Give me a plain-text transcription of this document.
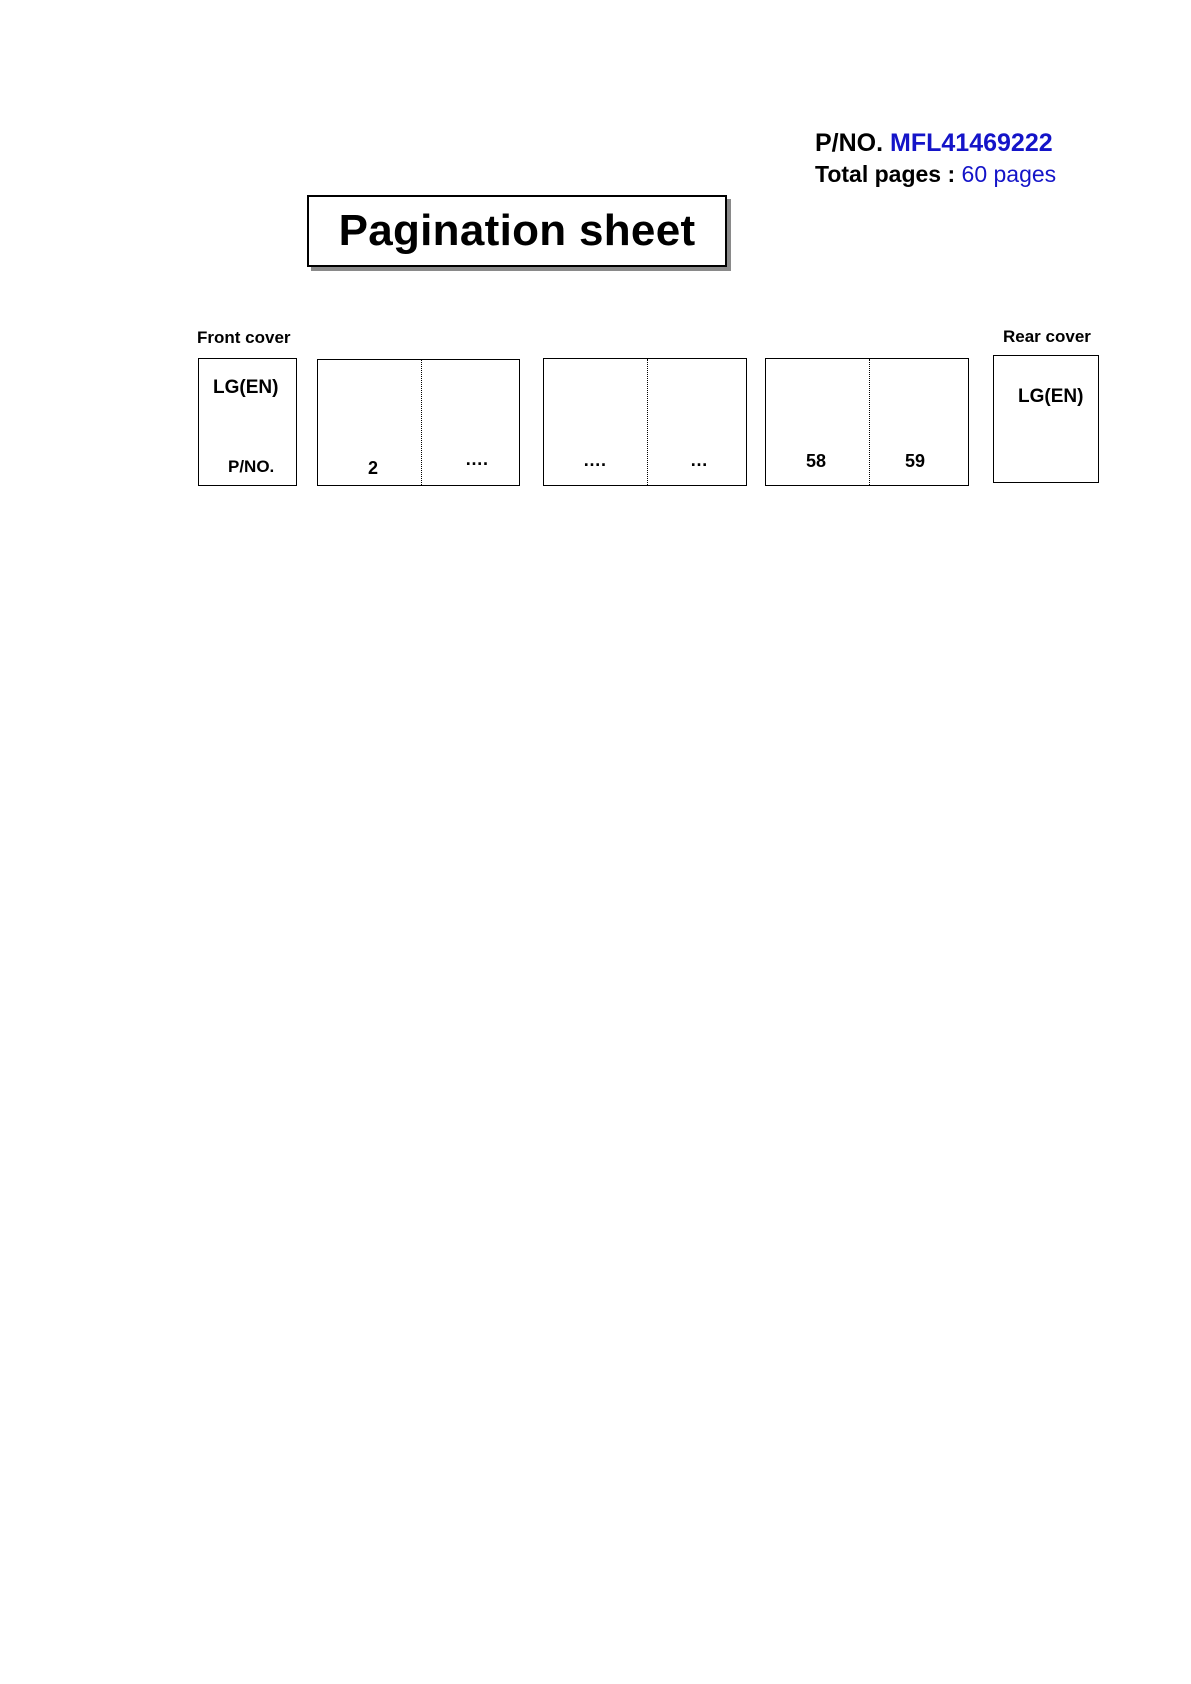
P/NO. MFL41469222
Total pages : 60 pages
Pagination sheet
Front cover	Rear cover
LG(EN)
P/NO.	2	….	….	…	58	59
LG(EN)
